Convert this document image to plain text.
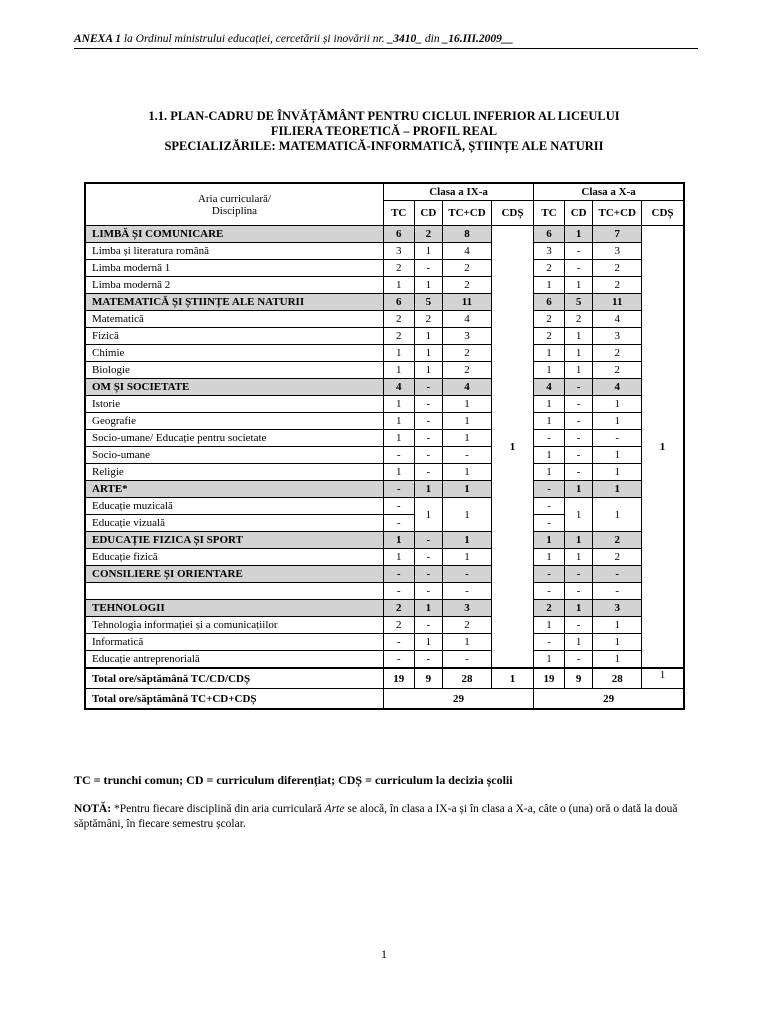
ANEXA 1 la Ordinul ministrului educației, cercetării și inovării nr. _3410_ din _16.III.2009__
1.1. PLAN-CADRU DE ÎNVĂȚĂMÂNT PENTRU CICLUL INFERIOR AL LICEULUI
FILIERA TEORETICĂ – PROFIL REAL
SPECIALIZĂRILE: MATEMATICĂ-INFORMATICĂ, ȘTIINȚE ALE NATURII
Aria curriculară/
Disciplina	Clasa a IX-a				Clasa a X-a			
	TC	CD	TC+CD	CDȘ	TC	CD	TC+CD	CDȘ
LIMBĂ ȘI COMUNICARE	6	2	8	1	6	1	7	1
Limba și literatura română	3	1	4		3	-	3	
Limba modernă 1	2	-	2		2	-	2	
Limba modernă 2	1	1	2		1	1	2	
MATEMATICĂ ȘI ȘTIINȚE ALE NATURII	6	5	11		6	5	11	
Matematică	2	2	4		2	2	4	
Fizică	2	1	3		2	1	3	
Chimie	1	1	2		1	1	2	
Biologie	1	1	2		1	1	2	
OM ȘI SOCIETATE	4	-	4		4	-	4	
Istorie	1	-	1		1	-	1	
Geografie	1	-	1		1	-	1	
Socio-umane/ Educație pentru societate	1	-	1		-	-	-	
Socio-umane	-	-	-		1	-	1	
Religie	1	-	1		1	-	1	
ARTE*	-	1	1		-	1	1	
Educație muzicală	-	1	1		-	1	1	
Educație vizuală	-				-			
EDUCAȚIE FIZICA ȘI SPORT	1	-	1		1	1	2	
Educație fizică	1	-	1		1	1	2	
CONSILIERE ȘI ORIENTARE	-	-	-		-	-	-	
	-	-	-		-	-	-	
TEHNOLOGII	2	1	3		2	1	3	
Tehnologia informației și a comunicațiilor	2	-	2		1	-	1	
Informatică	-	1	1		-	1	1	
Educație antreprenorială	-	-	-		1	-	1	
Total ore/săptămână TC/CD/CDȘ	19	9	28	1	19	9	28	1
Total ore/săptămână TC+CD+CDȘ	29				29			
TC = trunchi comun; CD = curriculum diferențiat; CDȘ = curriculum la decizia școlii
NOTĂ: *Pentru fiecare disciplină din aria curriculară Arte se alocă, în clasa a IX-a și în clasa a X-a, câte o (una) oră o dată la două săptămâni, în fiecare semestru școlar.
1
